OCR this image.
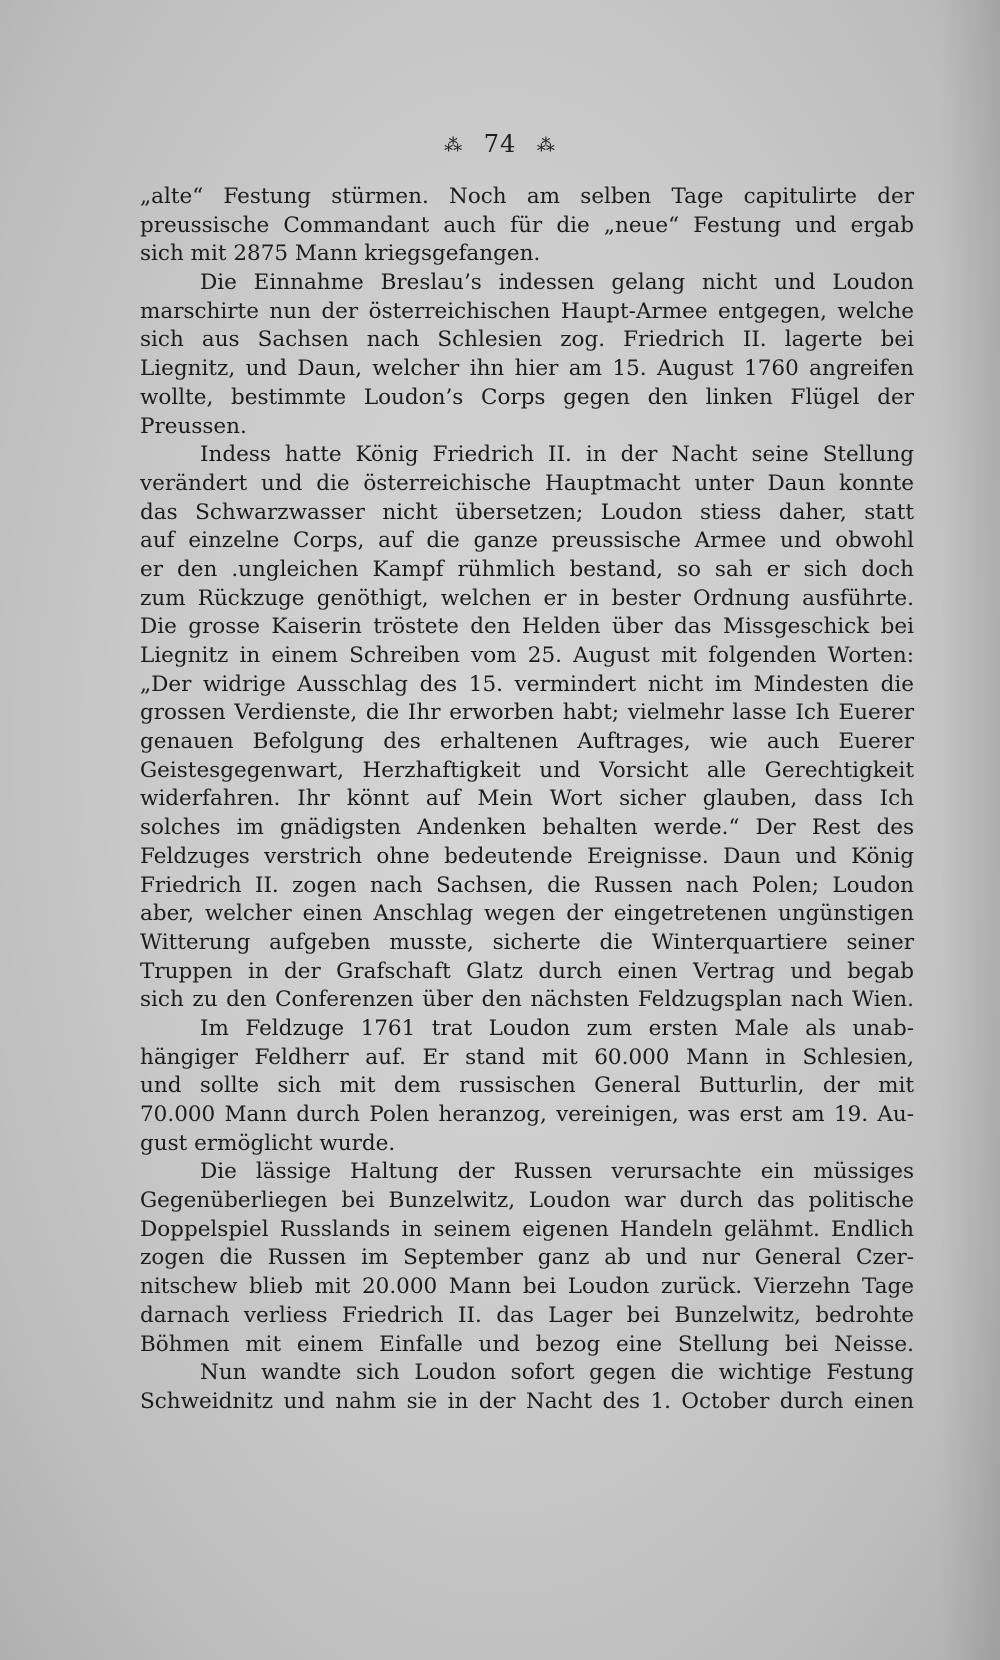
⁂ 74 ⁂
„alte“ Festung stürmen. Noch am selben Tage capitulirte der
preussische Commandant auch für die „neue“ Festung und ergab
sich mit 2875 Mann kriegsgefangen.
Die Einnahme Breslau’s indessen gelang nicht und Loudon
marschirte nun der österreichischen Haupt-Armee entgegen, welche
sich aus Sachsen nach Schlesien zog. Friedrich II. lagerte bei
Liegnitz, und Daun, welcher ihn hier am 15. August 1760 angreifen
wollte, bestimmte Loudon’s Corps gegen den linken Flügel der
Preussen.
Indess hatte König Friedrich II. in der Nacht seine Stellung
verändert und die österreichische Hauptmacht unter Daun konnte
das Schwarzwasser nicht übersetzen; Loudon stiess daher, statt
auf einzelne Corps, auf die ganze preussische Armee und obwohl
er den .ungleichen Kampf rühmlich bestand, so sah er sich doch
zum Rückzuge genöthigt, welchen er in bester Ordnung ausführte.
Die grosse Kaiserin tröstete den Helden über das Missgeschick bei
Liegnitz in einem Schreiben vom 25. August mit folgenden Worten:
„Der widrige Ausschlag des 15. vermindert nicht im Mindesten die
grossen Verdienste, die Ihr erworben habt; vielmehr lasse Ich Euerer
genauen Befolgung des erhaltenen Auftrages, wie auch Euerer
Geistesgegenwart, Herzhaftigkeit und Vorsicht alle Gerechtigkeit
widerfahren. Ihr könnt auf Mein Wort sicher glauben, dass Ich
solches im gnädigsten Andenken behalten werde.“ Der Rest des
Feldzuges verstrich ohne bedeutende Ereignisse. Daun und König
Friedrich II. zogen nach Sachsen, die Russen nach Polen; Loudon
aber, welcher einen Anschlag wegen der eingetretenen ungünstigen
Witterung aufgeben musste, sicherte die Winterquartiere seiner
Truppen in der Grafschaft Glatz durch einen Vertrag und begab
sich zu den Conferenzen über den nächsten Feldzugsplan nach Wien.
Im Feldzuge 1761 trat Loudon zum ersten Male als unab-
hängiger Feldherr auf. Er stand mit 60.000 Mann in Schlesien,
und sollte sich mit dem russischen General Butturlin, der mit
70.000 Mann durch Polen heranzog, vereinigen, was erst am 19. Au-
gust ermöglicht wurde.
Die lässige Haltung der Russen verursachte ein müssiges
Gegenüberliegen bei Bunzelwitz, Loudon war durch das politische
Doppelspiel Russlands in seinem eigenen Handeln gelähmt. Endlich
zogen die Russen im September ganz ab und nur General Czer-
nitschew blieb mit 20.000 Mann bei Loudon zurück. Vierzehn Tage
darnach verliess Friedrich II. das Lager bei Bunzelwitz, bedrohte
Böhmen mit einem Einfalle und bezog eine Stellung bei Neisse.
Nun wandte sich Loudon sofort gegen die wichtige Festung
Schweidnitz und nahm sie in der Nacht des 1. October durch einen
